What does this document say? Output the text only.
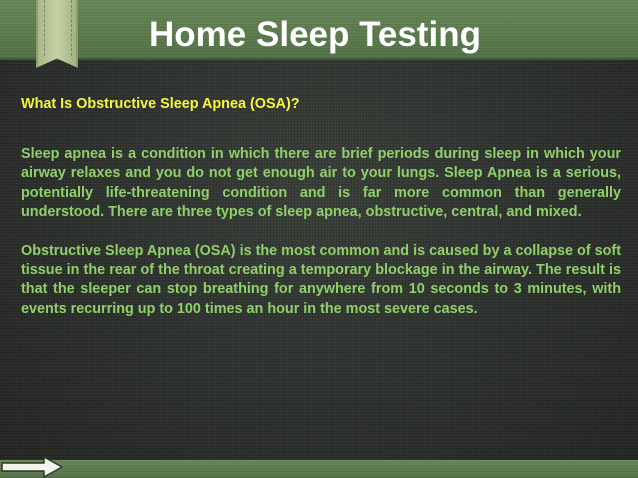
Home Sleep Testing

What Is Obstructive Sleep Apnea (OSA)?

Sleep apnea is a condition in which there are brief periods during sleep in which your airway relaxes and you do not get enough air to your lungs. Sleep Apnea is a serious, potentially life-threatening condition and is far more common than generally understood. There are three types of sleep apnea, obstructive, central, and mixed.

Obstructive Sleep Apnea (OSA) is the most common and is caused by a collapse of soft tissue in the rear of the throat creating a temporary blockage in the airway. The result is that the sleeper can stop breathing for anywhere from 10 seconds to 3 minutes, with events recurring up to 100 times an hour in the most severe cases.
